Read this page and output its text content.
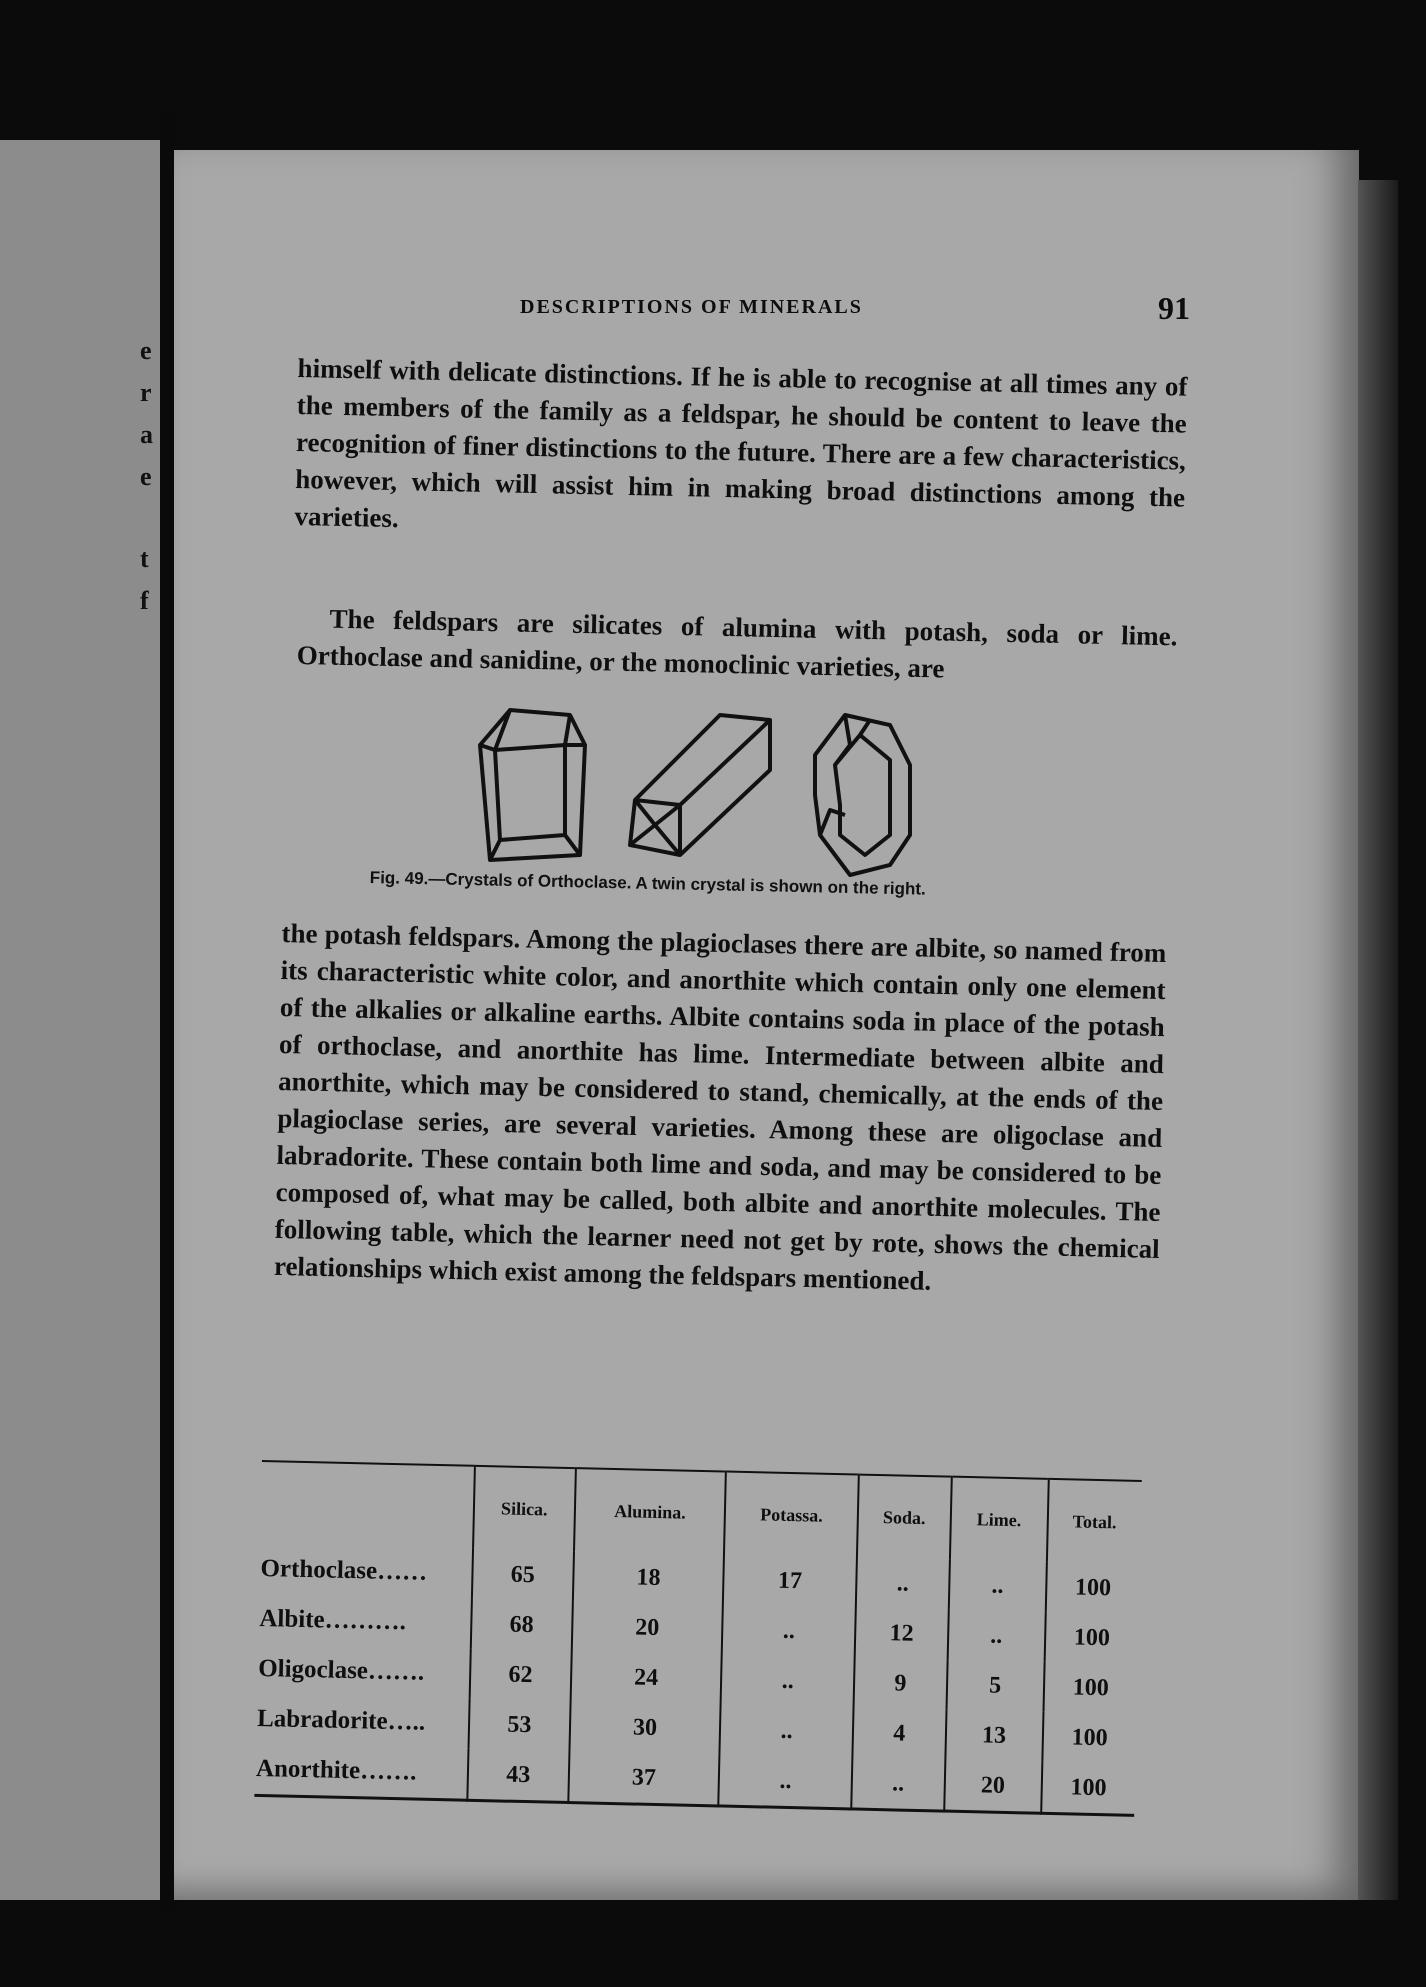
e
r
a
e
t
f
DESCRIPTIONS OF MINERALS	91
himself with delicate distinctions. If he is able to recognise at all times any of the members of the family as a feldspar, he should be content to leave the recognition of finer distinctions to the future. There are a few characteristics, however, which will assist him in making broad distinctions among the varieties.
The feldspars are silicates of alumina with potash, soda or lime. Orthoclase and sanidine, or the monoclinic varieties, are
Fig. 49.—Crystals of Orthoclase. A twin crystal is shown on the right.
the potash feldspars. Among the plagioclases there are albite, so named from its characteristic white color, and anorthite which contain only one element of the alkalies or alkaline earths. Albite contains soda in place of the potash of orthoclase, and anorthite has lime. Intermediate between albite and anorthite, which may be considered to stand, chemically, at the ends of the plagioclase series, are several varieties. Among these are oligoclase and labradorite. These contain both lime and soda, and may be considered to be composed of, what may be called, both albite and anorthite molecules. The following table, which the learner need not get by rote, shows the chemical relationships which exist among the feldspars mentioned.
	Silica.	Alumina.	Potassa.	Soda.	Lime.	Total.
Orthoclase……	65	18	17	..	..	100
Albite……….	68	20	..	12	..	100
Oligoclase…….	62	24	..	9	5	100
Labradorite…..	53	30	..	4	13	100
Anorthite…….	43	37	..	..	20	100
